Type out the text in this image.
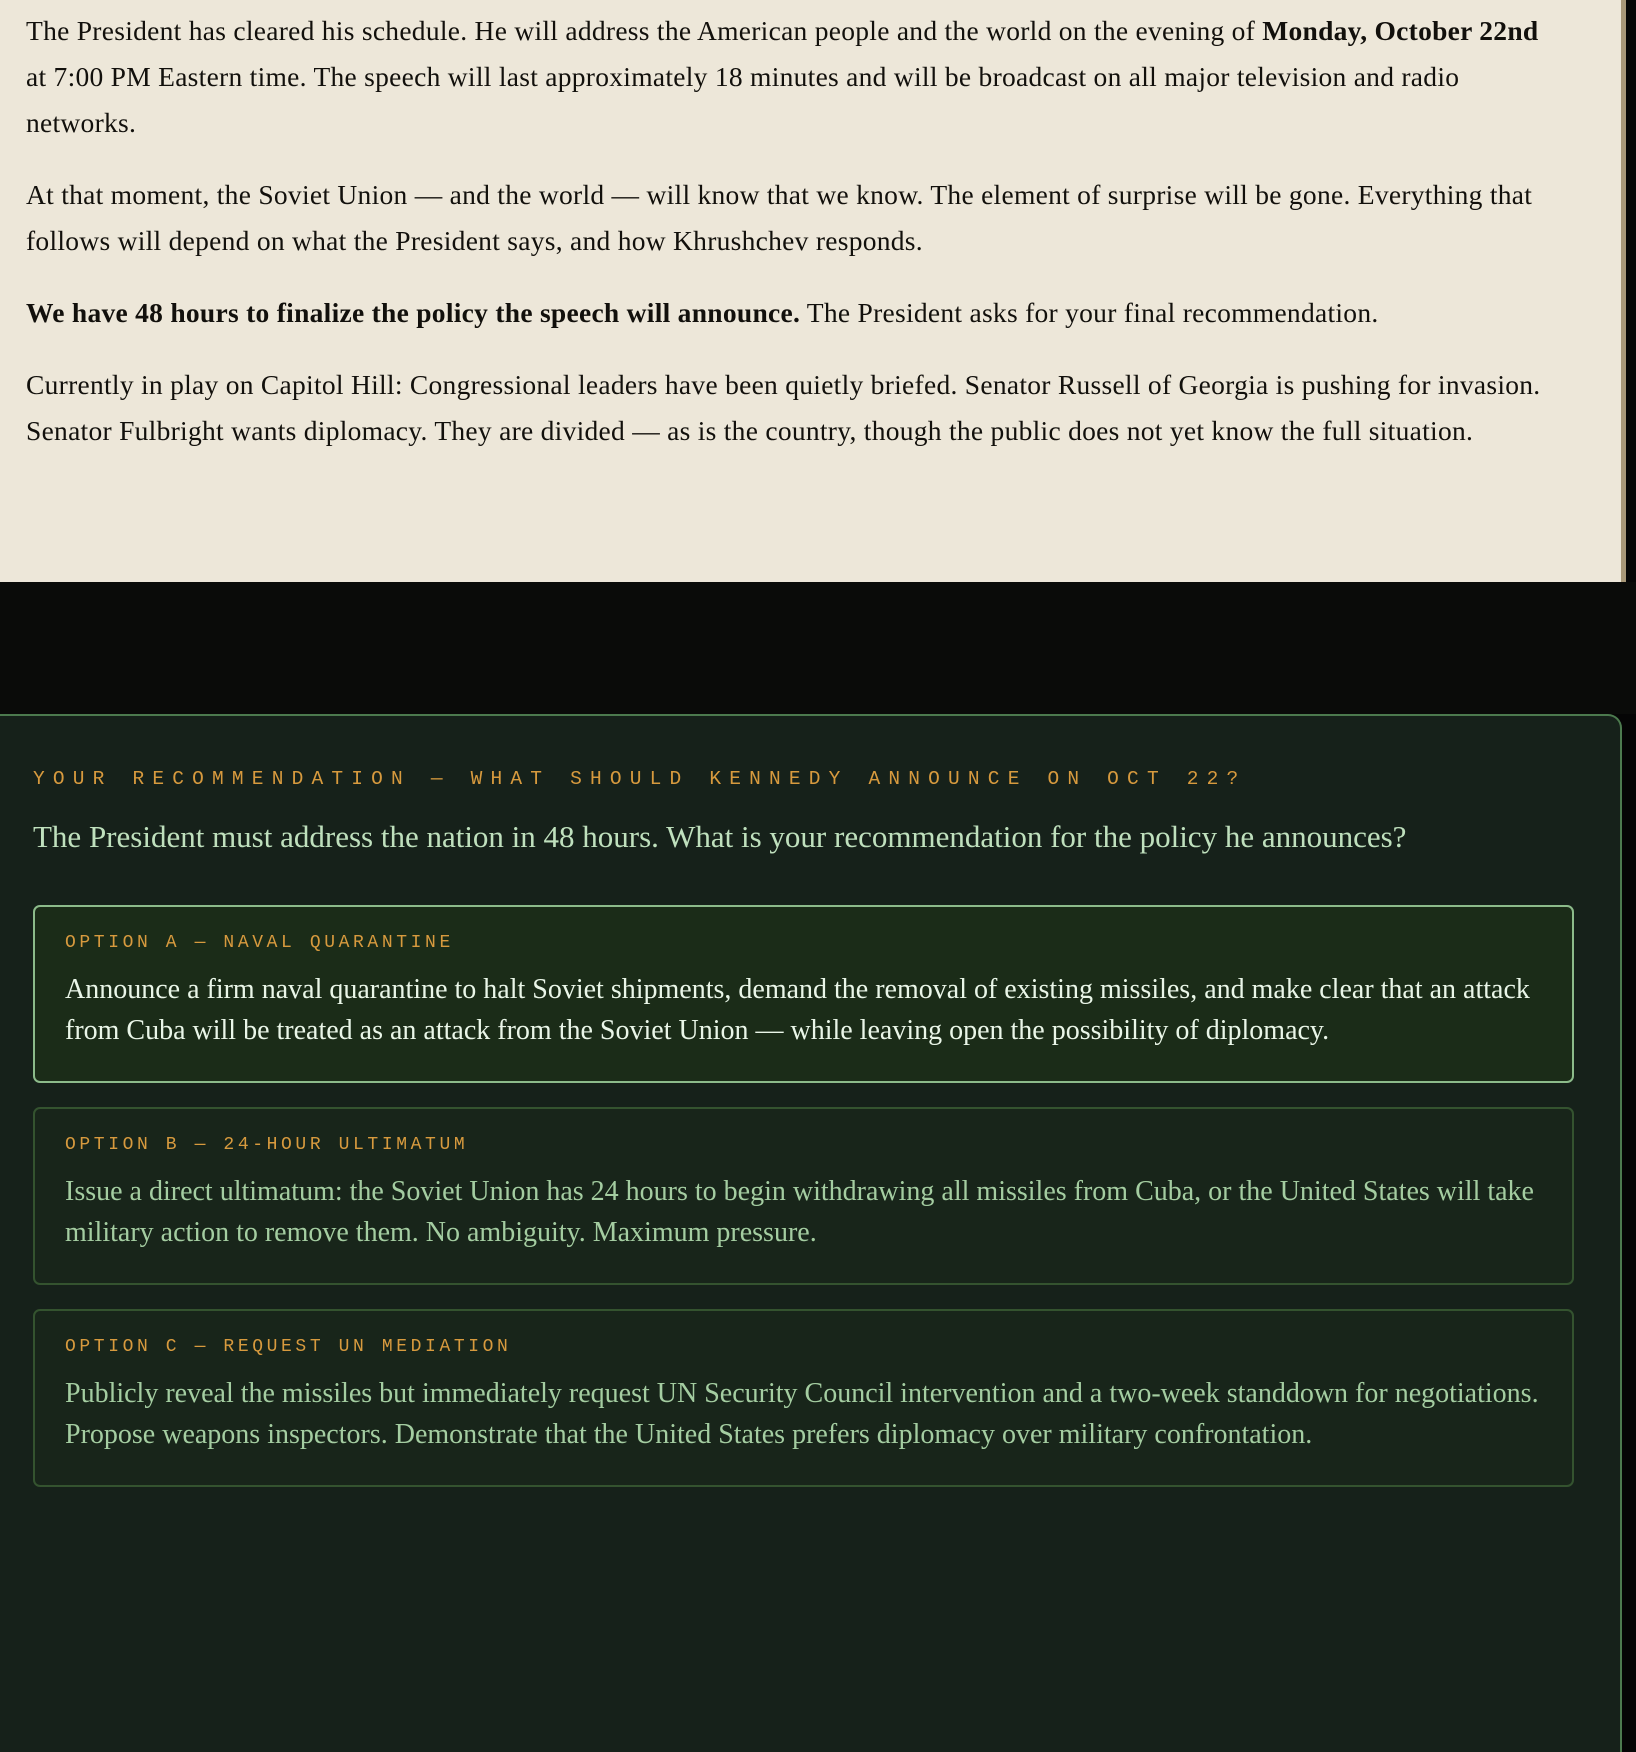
The President has cleared his schedule. He will address the American people and the world on the evening of Monday, October 22nd at 7:00 PM Eastern time. The speech will last approximately 18 minutes and will be broadcast on all major television and radio networks.

At that moment, the Soviet Union — and the world — will know that we know. The element of surprise will be gone. Everything that follows will depend on what the President says, and how Khrushchev responds.

We have 48 hours to finalize the policy the speech will announce. The President asks for your final recommendation.

Currently in play on Capitol Hill: Congressional leaders have been quietly briefed. Senator Russell of Georgia is pushing for invasion. Senator Fulbright wants diplomacy. They are divided — as is the country, though the public does not yet know the full situation.

YOUR RECOMMENDATION — WHAT SHOULD KENNEDY ANNOUNCE ON OCT 22?

The President must address the nation in 48 hours. What is your recommendation for the policy he announces?
OPTION A — NAVAL QUARANTINE

Announce a firm naval quarantine to halt Soviet shipments, demand the removal of existing missiles, and make clear that an attack from Cuba will be treated as an attack from the Soviet Union — while leaving open the possibility of diplomacy.

OPTION B — 24-HOUR ULTIMATUM

Issue a direct ultimatum: the Soviet Union has 24 hours to begin withdrawing all missiles from Cuba, or the United States will take military action to remove them. No ambiguity. Maximum pressure.

OPTION C — REQUEST UN MEDIATION

Publicly reveal the missiles but immediately request UN Security Council intervention and a two-week standdown for negotiations. Propose weapons inspectors. Demonstrate that the United States prefers diplomacy over military confrontation.
